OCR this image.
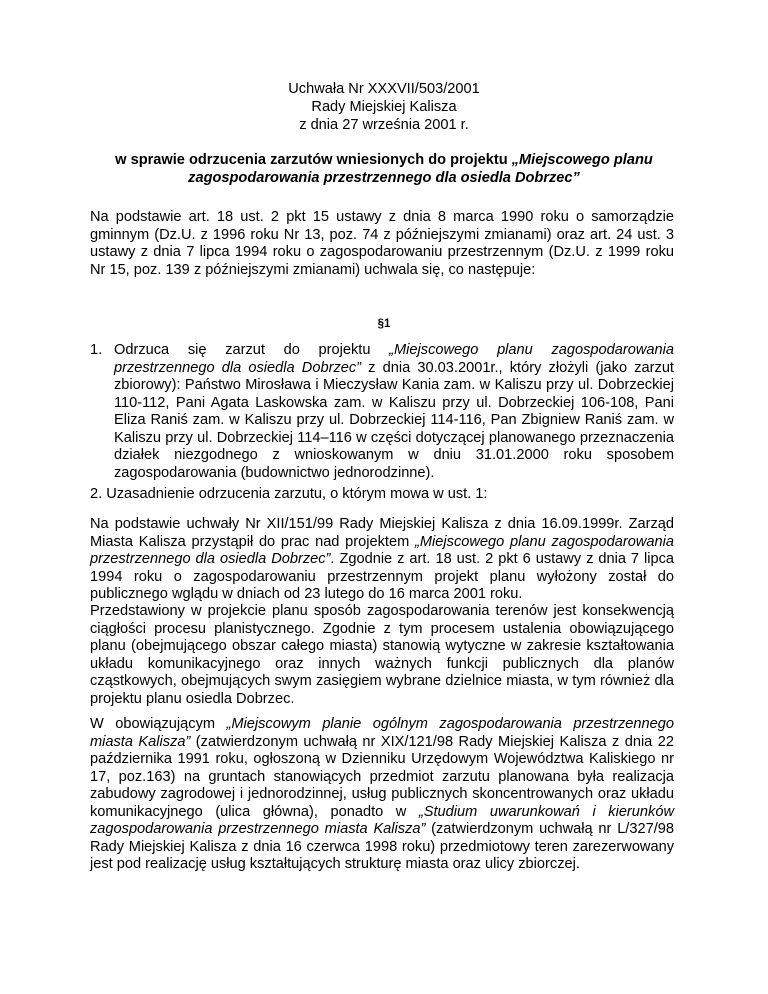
Uchwała Nr XXXVII/503/2001
Rady Miejskiej Kalisza
z dnia 27 września 2001 r.
w sprawie odrzucenia zarzutów wniesionych do projektu „Miejscowego planu zagospodarowania przestrzennego dla osiedla Dobrzec”
Na podstawie art. 18 ust. 2 pkt 15 ustawy z dnia 8 marca 1990 roku o samorządzie gminnym (Dz.U. z 1996 roku Nr 13, poz. 74 z późniejszymi zmianami) oraz art. 24 ust. 3 ustawy z dnia 7 lipca 1994 roku o zagospodarowaniu przestrzennym (Dz.U. z 1999 roku Nr 15, poz. 139 z późniejszymi zmianami) uchwala się, co następuje:
§1
1. Odrzuca się zarzut do projektu „Miejscowego planu zagospodarowania przestrzennego dla osiedla Dobrzec” z dnia 30.03.2001r., który złożyli (jako zarzut zbiorowy): Państwo Mirosława i Mieczysław Kania zam. w Kaliszu przy ul. Dobrzeckiej 110-112, Pani Agata Laskowska zam. w Kaliszu przy ul. Dobrzeckiej 106-108, Pani Eliza Raniś zam. w Kaliszu przy ul. Dobrzeckiej 114-116, Pan Zbigniew Raniś zam. w Kaliszu przy ul. Dobrzeckiej 114–116 w części dotyczącej planowanego przeznaczenia działek niezgodnego z wnioskowanym w dniu 31.01.2000 roku sposobem zagospodarowania (budownictwo jednorodzinne).
2. Uzasadnienie odrzucenia zarzutu, o którym mowa w ust. 1:
Na podstawie uchwały Nr XII/151/99 Rady Miejskiej Kalisza z dnia 16.09.1999r. Zarząd Miasta Kalisza przystąpił do prac nad projektem „Miejscowego planu zagospodarowania przestrzennego dla osiedla Dobrzec”. Zgodnie z art. 18 ust. 2 pkt 6 ustawy z dnia 7 lipca 1994 roku o zagospodarowaniu przestrzennym projekt planu wyłożony został do publicznego wglądu w dniach od 23 lutego do 16 marca 2001 roku.
Przedstawiony w projekcie planu sposób zagospodarowania terenów jest konsekwencją ciągłości procesu planistycznego. Zgodnie z tym procesem ustalenia obowiązującego planu (obejmującego obszar całego miasta) stanowią wytyczne w zakresie kształtowania układu komunikacyjnego oraz innych ważnych funkcji publicznych dla planów cząstkowych, obejmujących swym zasięgiem wybrane dzielnice miasta, w tym również dla projektu planu osiedla Dobrzec.
W obowiązującym „Miejscowym planie ogólnym zagospodarowania przestrzennego miasta Kalisza” (zatwierdzonym uchwałą nr XIX/121/98 Rady Miejskiej Kalisza z dnia 22 października 1991 roku, ogłoszoną w Dzienniku Urzędowym Województwa Kaliskiego nr 17, poz.163) na gruntach stanowiących przedmiot zarzutu planowana była realizacja zabudowy zagrodowej i jednorodzinnej, usług publicznych skoncentrowanych oraz układu komunikacyjnego (ulica główna), ponadto w „Studium uwarunkowań i kierunków zagospodarowania przestrzennego miasta Kalisza” (zatwierdzonym uchwałą nr L/327/98 Rady Miejskiej Kalisza z dnia 16 czerwca 1998 roku) przedmiotowy teren zarezerwowany jest pod realizację usług kształtujących strukturę miasta oraz ulicy zbiorczej.
